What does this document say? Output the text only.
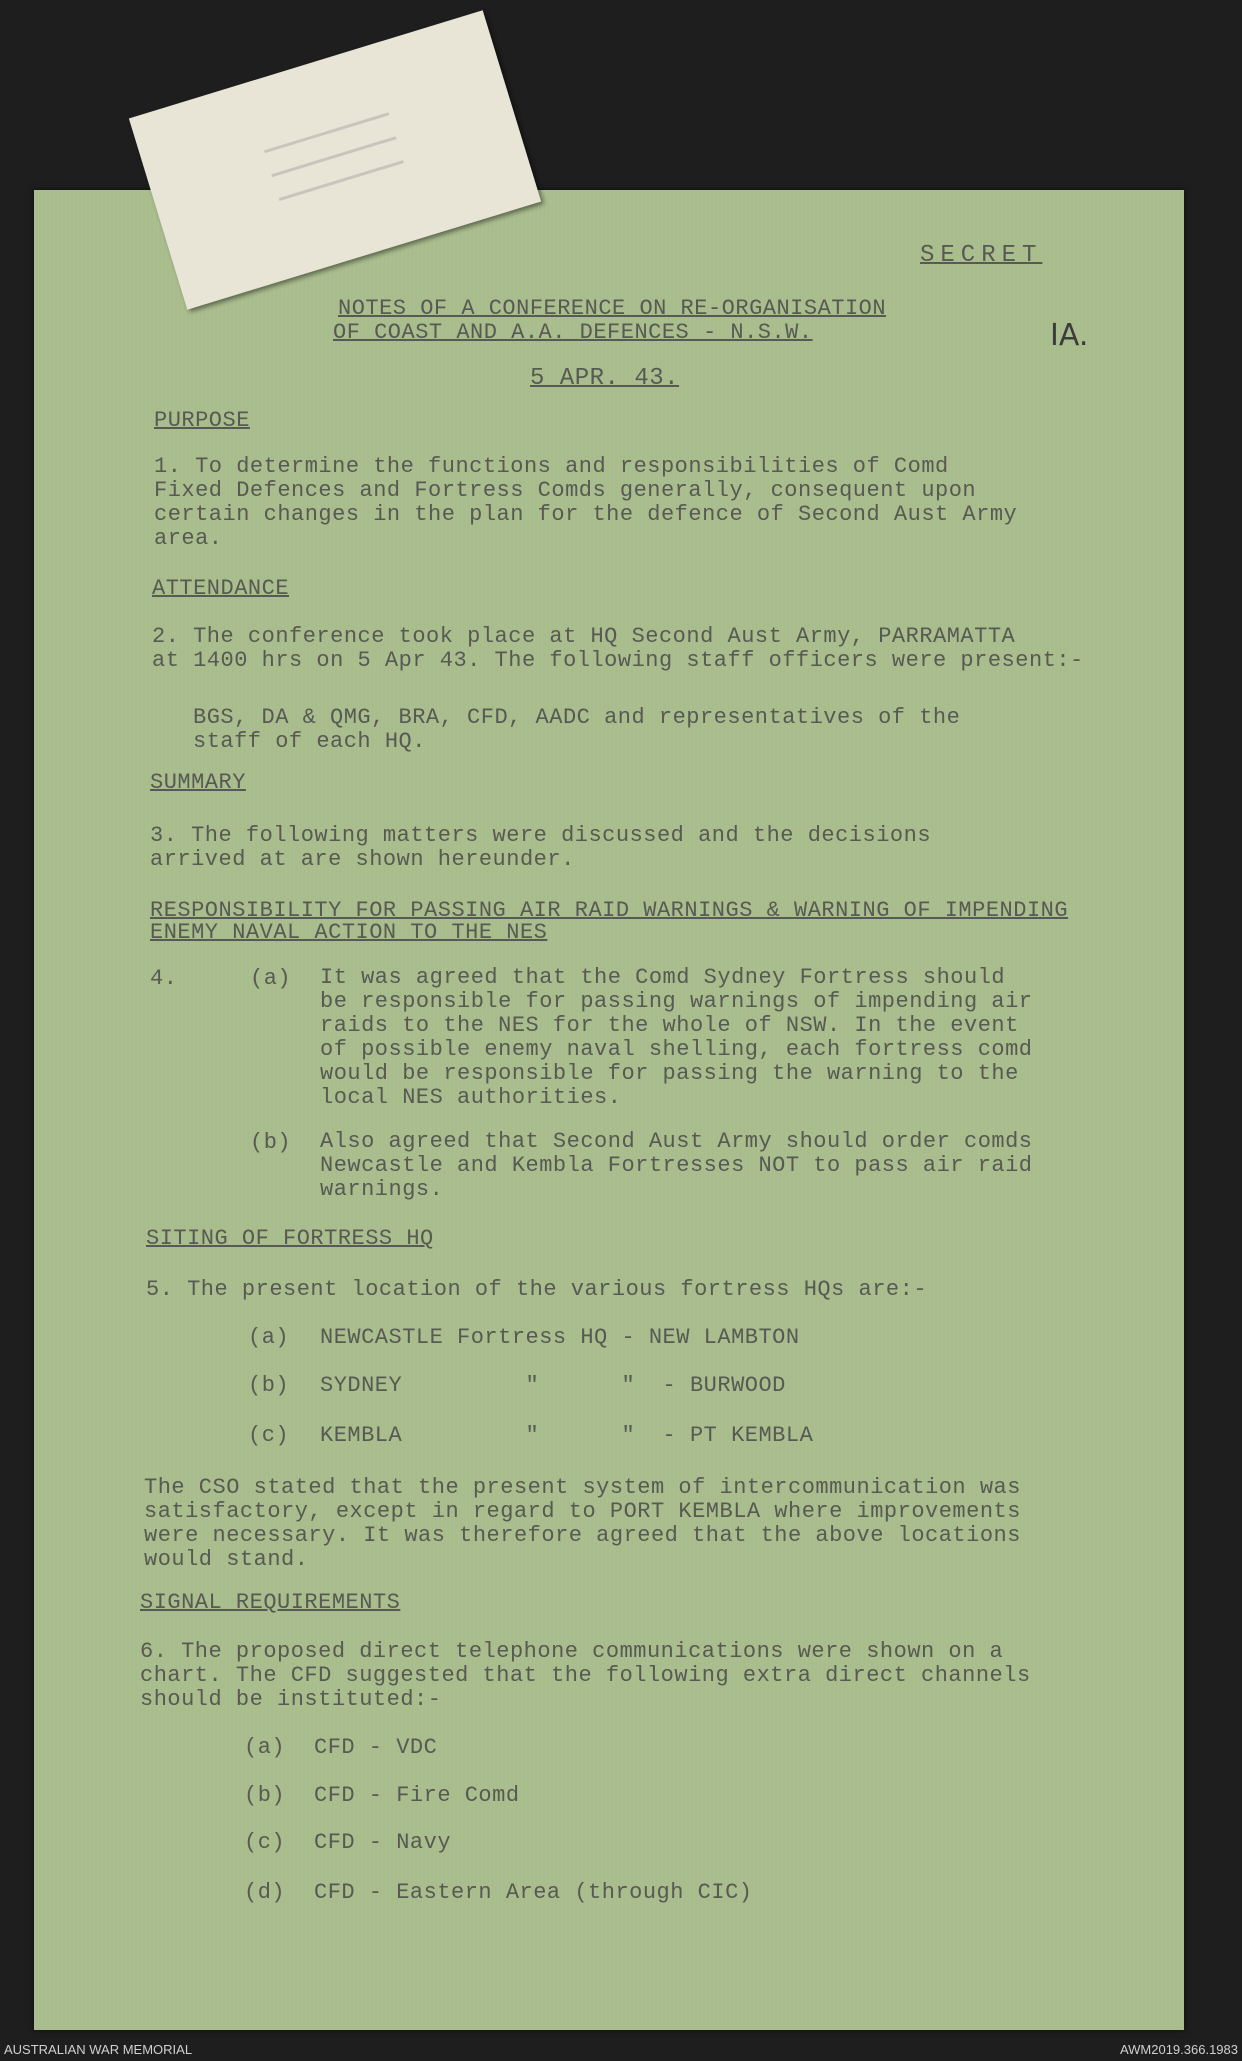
SECRET
IA.
NOTES OF A CONFERENCE ON RE-ORGANISATION
OF COAST AND A.A. DEFENCES - N.S.W.
5 APR. 43.
PURPOSE
1. To determine the functions and responsibilities of Comd
Fixed Defences and Fortress Comds generally, consequent upon
certain changes in the plan for the defence of Second Aust Army
area.
ATTENDANCE
2. The conference took place at HQ Second Aust Army, PARRAMATTA
at 1400 hrs on 5 Apr 43. The following staff officers were present:-
BGS, DA & QMG, BRA, CFD, AADC and representatives of the
staff of each HQ.
SUMMARY
3. The following matters were discussed and the decisions
arrived at are shown hereunder.
RESPONSIBILITY FOR PASSING AIR RAID WARNINGS & WARNING OF IMPENDING
ENEMY NAVAL ACTION TO THE NES
4.	(a) It was agreed that the Comd Sydney Fortress should
be responsible for passing warnings of impending air
raids to the NES for the whole of NSW. In the event
of possible enemy naval shelling, each fortress comd
would be responsible for passing the warning to the
local NES authorities.
(b) Also agreed that Second Aust Army should order comds
Newcastle and Kembla Fortresses NOT to pass air raid
warnings.
SITING OF FORTRESS HQ
5. The present location of the various fortress HQs are:-
(a) NEWCASTLE Fortress HQ - NEW LAMBTON
(b) SYDNEY         "      "  - BURWOOD
(c) KEMBLA         "      "  - PT KEMBLA
The CSO stated that the present system of intercommunication was
satisfactory, except in regard to PORT KEMBLA where improvements
were necessary. It was therefore agreed that the above locations
would stand.
SIGNAL REQUIREMENTS
6. The proposed direct telephone communications were shown on a
chart. The CFD suggested that the following extra direct channels
should be instituted:-
(a) CFD - VDC
(b) CFD - Fire Comd
(c) CFD - Navy
(d) CFD - Eastern Area (through CIC)
AUSTRALIAN WAR MEMORIAL	AWM2019.366.1983
